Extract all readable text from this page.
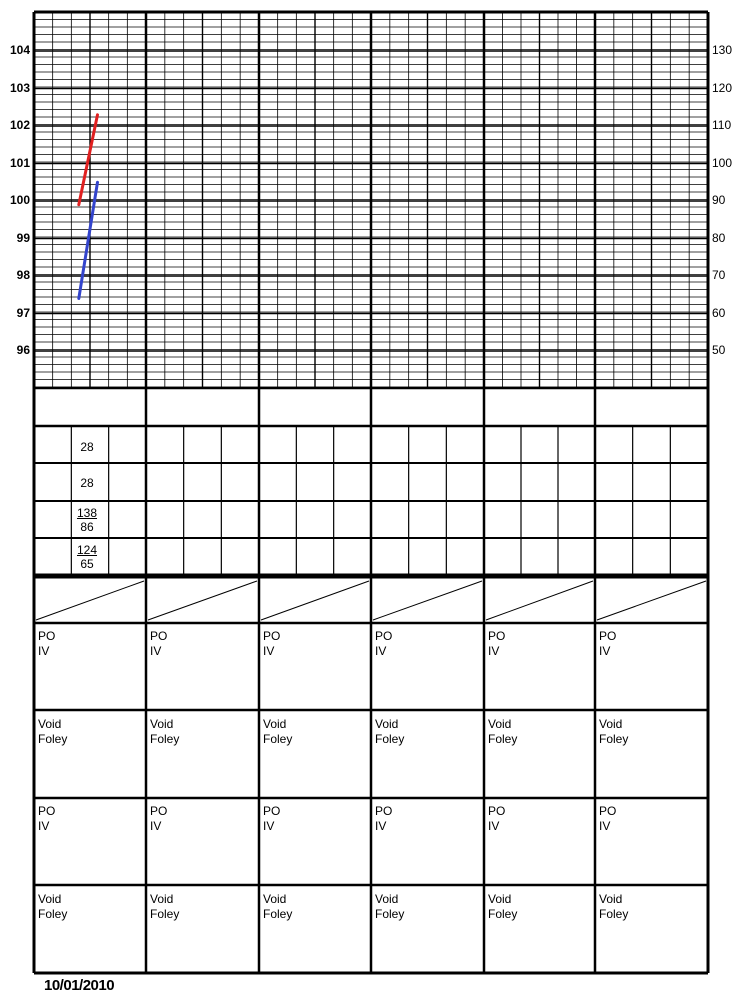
104
103
102
101
100
99
98
97
96
130
120
110
100
90
80
70
60
50
28
28
138
86
124
65
PO
IV
PO
IV
PO
IV
PO
IV
PO
IV
PO
IV
Void
Foley
Void
Foley
Void
Foley
Void
Foley
Void
Foley
Void
Foley
PO
IV
PO
IV
PO
IV
PO
IV
PO
IV
PO
IV
Void
Foley
Void
Foley
Void
Foley
Void
Foley
Void
Foley
Void
Foley
10/01/2010
